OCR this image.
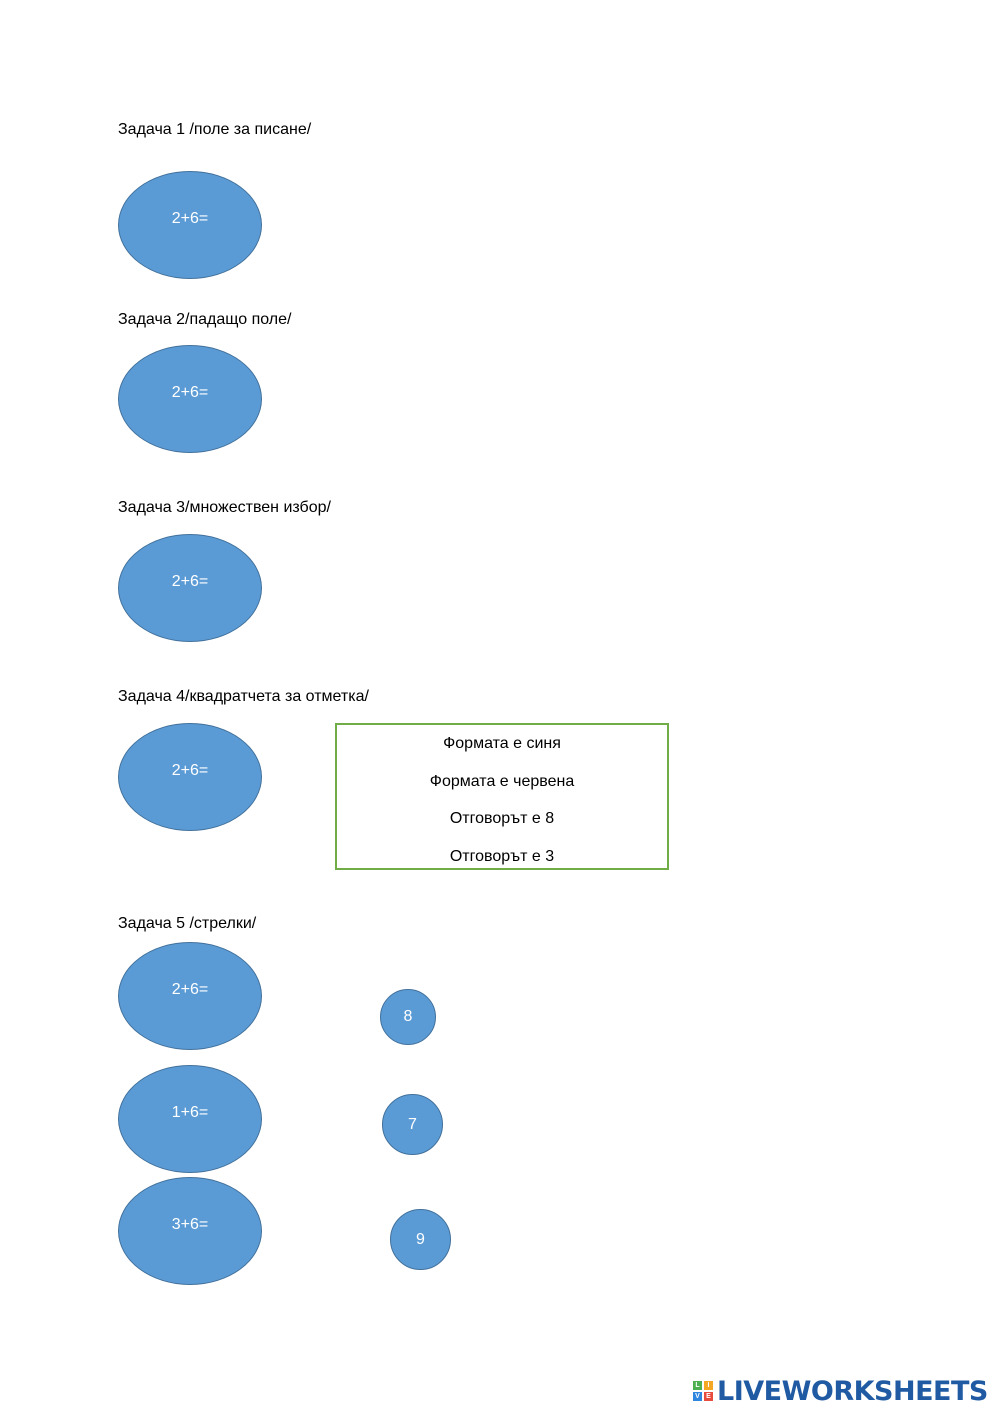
Задача 1 /поле за писане/
2+6=
Задача 2/падащо поле/
2+6=
Задача 3/множествен избор/
2+6=
Задача 4/квадратчета за отметка/
2+6=
Формата е синя
Формата е червена
Отговорът е 8
Отговорът е 3
Задача 5 /стрелки/
2+6=
1+6=
3+6=
8
7
9
L	I
V E LIVEWORKSHEETS
